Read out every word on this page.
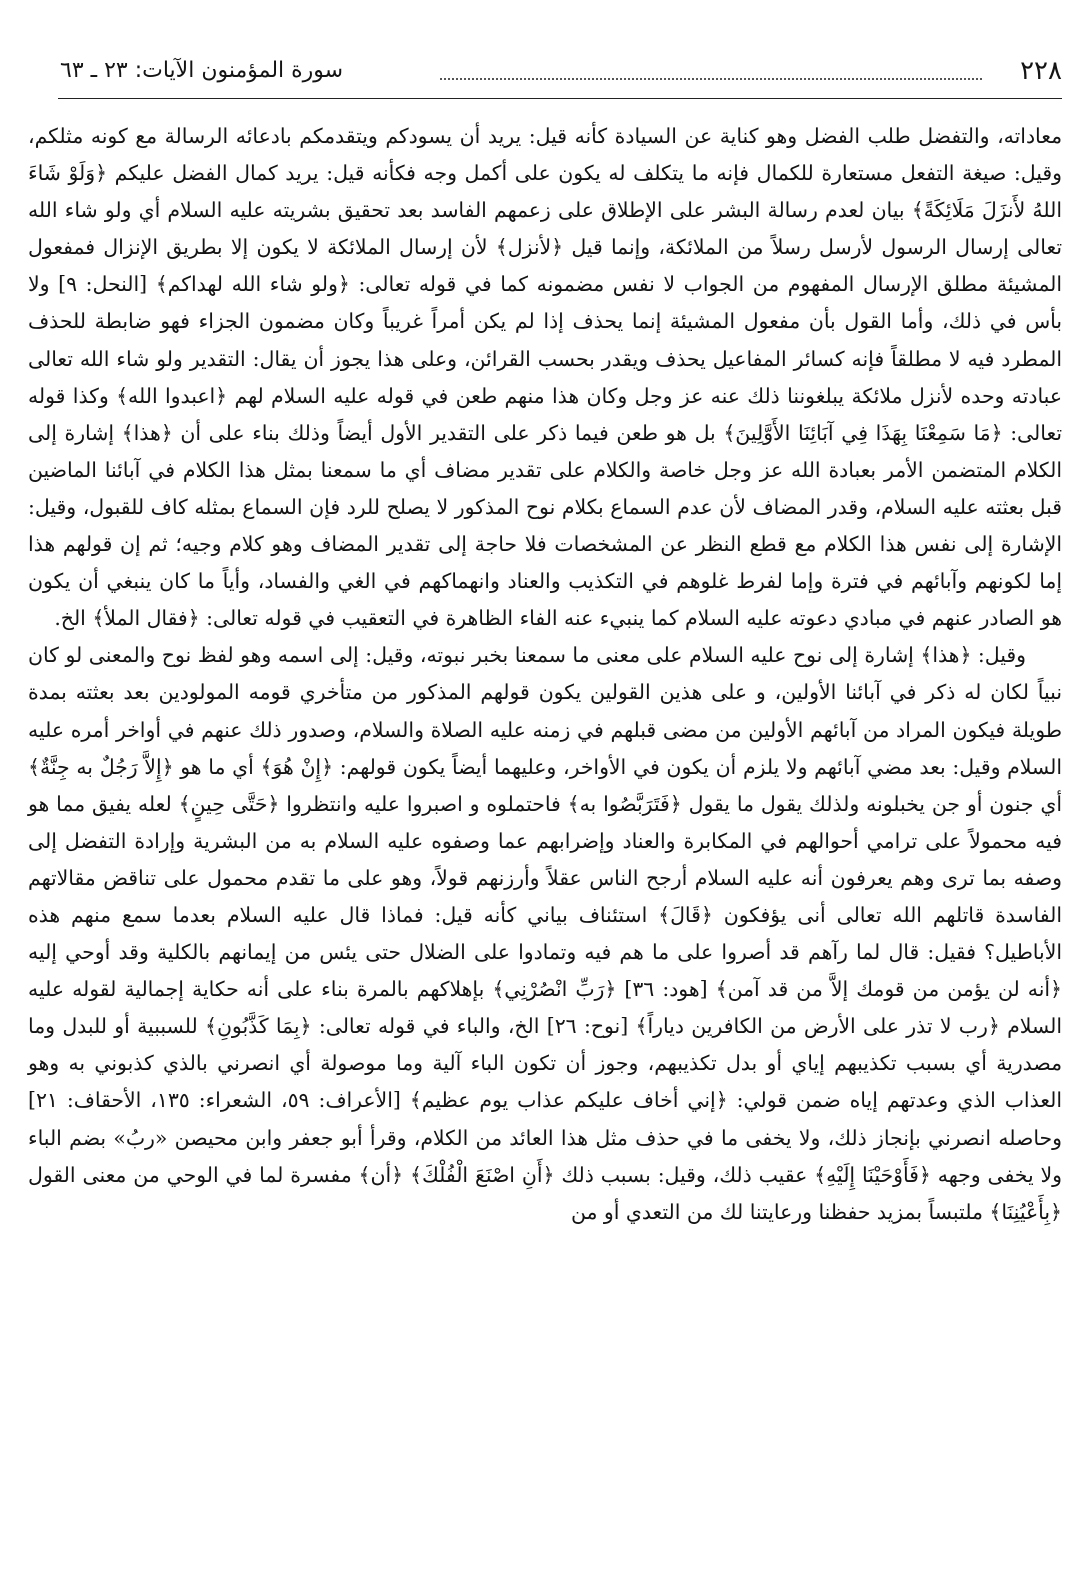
٢٢٨
سورة المؤمنون الآيات: ٢٣ ـ ٦٣

معاداته، والتفضل طلب الفضل وهو كناية عن السيادة كأنه قيل: يريد أن يسودكم ويتقدمكم بادعائه الرسالة مع كونه مثلكم، وقيل: صيغة التفعل مستعارة للكمال فإنه ما يتكلف له يكون على أكمل وجه فكأنه قيل: يريد كمال الفضل عليكم ﴿وَلَوْ شَاءَ اللهُ لأَنزَلَ مَلَائِكَةً﴾ بيان لعدم رسالة البشر على الإطلاق على زعمهم الفاسد بعد تحقيق بشريته عليه السلام أي ولو شاء الله تعالى إرسال الرسول لأرسل رسلاً من الملائكة، وإنما قيل ﴿لأنزل﴾ لأن إرسال الملائكة لا يكون إلا بطريق الإنزال فمفعول المشيئة مطلق الإرسال المفهوم من الجواب لا نفس مضمونه كما في قوله تعالى: ﴿ولو شاء الله لهداكم﴾ [النحل: ٩] ولا بأس في ذلك، وأما القول بأن مفعول المشيئة إنما يحذف إذا لم يكن أمراً غريباً وكان مضمون الجزاء فهو ضابطة للحذف المطرد فيه لا مطلقاً فإنه كسائر المفاعيل يحذف ويقدر بحسب القرائن، وعلى هذا يجوز أن يقال: التقدير ولو شاء الله تعالى عبادته وحده لأنزل ملائكة يبلغوننا ذلك عنه عز وجل وكان هذا منهم طعن في قوله عليه السلام لهم ﴿اعبدوا الله﴾ وكذا قوله تعالى: ﴿مَا سَمِعْنَا بِهَذَا فِي آبَائِنَا الأَوَّلِينَ﴾ بل هو طعن فيما ذكر على التقدير الأول أيضاً وذلك بناء على أن ﴿هذا﴾ إشارة إلى الكلام المتضمن الأمر بعبادة الله عز وجل خاصة والكلام على تقدير مضاف أي ما سمعنا بمثل هذا الكلام في آبائنا الماضين قبل بعثته عليه السلام، وقدر المضاف لأن عدم السماع بكلام نوح المذكور لا يصلح للرد فإن السماع بمثله كاف للقبول، وقيل: الإشارة إلى نفس هذا الكلام مع قطع النظر عن المشخصات فلا حاجة إلى تقدير المضاف وهو كلام وجيه؛ ثم إن قولهم هذا إما لكونهم وآبائهم في فترة وإما لفرط غلوهم في التكذيب والعناد وانهماكهم في الغي والفساد، وأياً ما كان ينبغي أن يكون هو الصادر عنهم في مبادي دعوته عليه السلام كما ينبيء عنه الفاء الظاهرة في التعقيب في قوله تعالى: ﴿فقال الملأ﴾ الخ.

وقيل: ﴿هذا﴾ إشارة إلى نوح عليه السلام على معنى ما سمعنا بخبر نبوته، وقيل: إلى اسمه وهو لفظ نوح والمعنى لو كان نبياً لكان له ذكر في آبائنا الأولين، و على هذين القولين يكون قولهم المذكور من متأخري قومه المولودين بعد بعثته بمدة طويلة فيكون المراد من آبائهم الأولين من مضى قبلهم في زمنه عليه الصلاة والسلام، وصدور ذلك عنهم في أواخر أمره عليه السلام وقيل: بعد مضي آبائهم ولا يلزم أن يكون في الأواخر، وعليهما أيضاً يكون قولهم: ﴿إِنْ هُوَ﴾ أي ما هو ﴿إِلاَّ رَجُلٌ به جِنَّةٌ﴾ أي جنون أو جن يخبلونه ولذلك يقول ما يقول ﴿فَتَرَبَّصُوا به﴾ فاحتملوه و اصبروا عليه وانتظروا ﴿حَتَّى حِينٍ﴾ لعله يفيق مما هو فيه محمولاً على ترامي أحوالهم في المكابرة والعناد وإضرابهم عما وصفوه عليه السلام به من البشرية وإرادة التفضل إلى وصفه بما ترى وهم يعرفون أنه عليه السلام أرجح الناس عقلاً وأرزنهم قولاً، وهو على ما تقدم محمول على تناقض مقالاتهم الفاسدة قاتلهم الله تعالى أنى يؤفكون ﴿قَالَ﴾ استئناف بياني كأنه قيل: فماذا قال عليه السلام بعدما سمع منهم هذه الأباطيل؟ فقيل: قال لما رآهم قد أصروا على ما هم فيه وتمادوا على الضلال حتى يئس من إيمانهم بالكلية وقد أوحي إليه ﴿أنه لن يؤمن من قومك إلاَّ من قد آمن﴾ [هود: ٣٦] ﴿رَبِّ انْصُرْنِي﴾ بإهلاكهم بالمرة بناء على أنه حكاية إجمالية لقوله عليه السلام ﴿رب لا تذر على الأرض من الكافرين دياراً﴾ [نوح: ٢٦] الخ، والباء في قوله تعالى: ﴿بِمَا كَذَّبُونِ﴾ للسببية أو للبدل وما مصدرية أي بسبب تكذيبهم إياي أو بدل تكذيبهم، وجوز أن تكون الباء آلية وما موصولة أي انصرني بالذي كذبوني به وهو العذاب الذي وعدتهم إياه ضمن قولي: ﴿إني أخاف عليكم عذاب يوم عظيم﴾ [الأعراف: ٥٩، الشعراء: ١٣٥، الأحقاف: ٢١] وحاصله انصرني بإنجاز ذلك، ولا يخفى ما في حذف مثل هذا العائد من الكلام، وقرأ أبو جعفر وابن محيصن «ربُ» بضم الباء ولا يخفى وجهه ﴿فَأَوْحَيْنَا إِلَيْهِ﴾ عقيب ذلك، وقيل: بسبب ذلك ﴿أَنِ اصْنَعَ الْفُلْكَ﴾ ﴿أن﴾ مفسرة لما في الوحي من معنى القول ﴿بِأَعْيُنِنَا﴾ ملتبساً بمزيد حفظنا ورعايتنا لك من التعدي أو من
